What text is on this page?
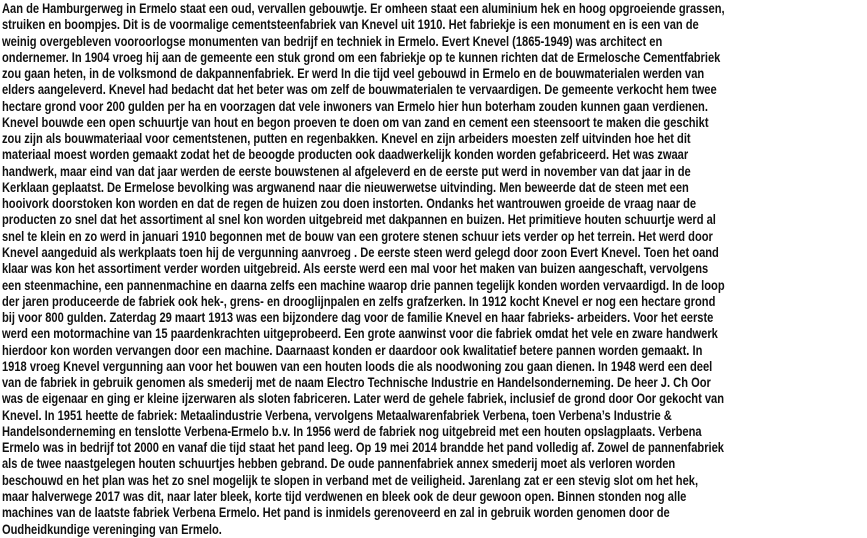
Aan de Hamburgerweg in Ermelo staat een oud, vervallen gebouwtje. Er omheen staat een aluminium hek en hoog opgroeiende grassen,
struiken en boompjes. Dit is de voormalige cementsteenfabriek van Knevel uit 1910. Het fabriekje is een monument en is een van de
weinig overgebleven vooroorlogse monumenten van bedrijf en techniek in Ermelo. Evert Knevel (1865-1949) was architect en
ondernemer. In 1904 vroeg hij aan de gemeente een stuk grond om een fabriekje op te kunnen richten dat de Ermelosche Cementfabriek
zou gaan heten, in de volksmond de dakpannenfabriek. Er werd In die tijd veel gebouwd in Ermelo en de bouwmaterialen werden van
elders aangeleverd. Knevel had bedacht dat het beter was om zelf de bouwmaterialen te vervaardigen. De gemeente verkocht hem twee
hectare grond voor 200 gulden per ha en voorzagen dat vele inwoners van Ermelo hier hun boterham zouden kunnen gaan verdienen.
Knevel bouwde een open schuurtje van hout en begon proeven te doen om van zand en cement een steensoort te maken die geschikt
zou zijn als bouwmateriaal voor cementstenen, putten en regenbakken. Knevel en zijn arbeiders moesten zelf uitvinden hoe het dit
materiaal moest worden gemaakt zodat het de beoogde producten ook daadwerkelijk konden worden gefabriceerd. Het was zwaar
handwerk, maar eind van dat jaar werden de eerste bouwstenen al afgeleverd en de eerste put werd in november van dat jaar in de
Kerklaan geplaatst. De Ermelose bevolking was argwanend naar die nieuwerwetse uitvinding. Men beweerde dat de steen met een
hooivork doorstoken kon worden en dat de regen de huizen zou doen instorten. Ondanks het wantrouwen groeide de vraag naar de
producten zo snel dat het assortiment al snel kon worden uitgebreid met dakpannen en buizen. Het primitieve houten schuurtje werd al
snel te klein en zo werd in januari 1910 begonnen met de bouw van een grotere stenen schuur iets verder op het terrein. Het werd door
Knevel aangeduid als werkplaats toen hij de vergunning aanvroeg . De eerste steen werd gelegd door zoon Evert Knevel. Toen het oand
klaar was kon het assortiment verder worden uitgebreid. Als eerste werd een mal voor het maken van buizen aangeschaft, vervolgens
een steenmachine, een pannenmachine en daarna zelfs een machine waarop drie pannen tegelijk konden worden vervaardigd. In de loop
der jaren produceerde de fabriek ook hek-, grens- en drooglijnpalen en zelfs grafzerken. In 1912 kocht Knevel er nog een hectare grond
bij voor 800 gulden. Zaterdag 29 maart 1913 was een bijzondere dag voor de familie Knevel en haar fabrieks- arbeiders. Voor het eerste
werd een motormachine van 15 paardenkrachten uitgeprobeerd. Een grote aanwinst voor die fabriek omdat het vele en zware handwerk
hierdoor kon worden vervangen door een machine. Daarnaast konden er daardoor ook kwalitatief betere pannen worden gemaakt. In
1918 vroeg Knevel vergunning aan voor het bouwen van een houten loods die als noodwoning zou gaan dienen. In 1948 werd een deel
van de fabriek in gebruik genomen als smederij met de naam Electro Technische Industrie en Handelsonderneming. De heer J. Ch Oor
was de eigenaar en ging er kleine ijzerwaren als sloten fabriceren. Later werd de gehele fabriek, inclusief de grond door Oor gekocht van
Knevel. In 1951 heette de fabriek: Metaalindustrie Verbena, vervolgens Metaalwarenfabriek Verbena, toen Verbena’s Industrie &
Handelsonderneming en tenslotte Verbena-Ermelo b.v. In 1956 werd de fabriek nog uitgebreid met een houten opslagplaats. Verbena
Ermelo was in bedrijf tot 2000 en vanaf die tijd staat het pand leeg. Op 19 mei 2014 brandde het pand volledig af. Zowel de pannenfabriek
als de twee naastgelegen houten schuurtjes hebben gebrand. De oude pannenfabriek annex smederij moet als verloren worden
beschouwd en het plan was het zo snel mogelijk te slopen in verband met de veiligheid. Jarenlang zat er een stevig slot om het hek,
maar halverwege 2017 was dit, naar later bleek, korte tijd verdwenen en bleek ook de deur gewoon open. Binnen stonden nog alle
machines van de laatste fabriek Verbena Ermelo. Het pand is inmidels gerenoveerd en zal in gebruik worden genomen door de
Oudheidkundige vereninging van Ermelo.
